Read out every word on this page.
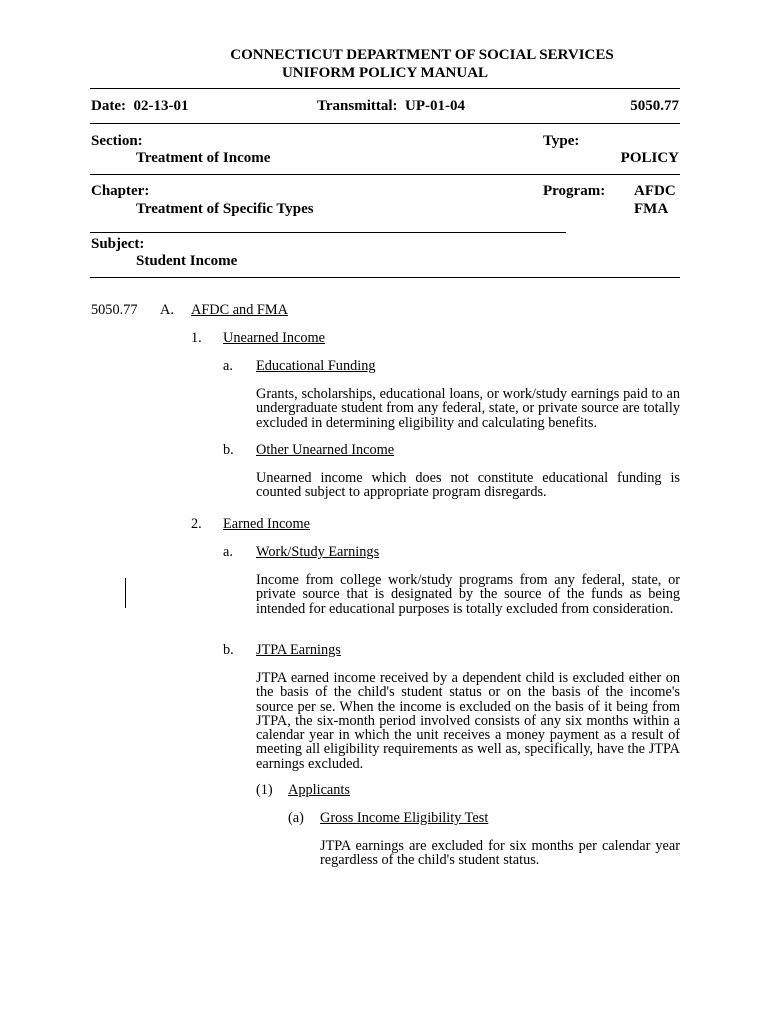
CONNECTICUT DEPARTMENT OF SOCIAL SERVICES
UNIFORM POLICY MANUAL
Date: 02-13-01	Transmittal: UP-01-04	5050.77
Section:
Treatment of Income
Type:
POLICY
Chapter:
Treatment of Specific Types
Program: AFDC
FMA
Subject:
Student Income
5050.77 A. AFDC and FMA
1. Unearned Income
a. Educational Funding
Grants, scholarships, educational loans, or work/study earnings paid to an undergraduate student from any federal, state, or private source are totally excluded in determining eligibility and calculating benefits.
b. Other Unearned Income
Unearned income which does not constitute educational funding is counted subject to appropriate program disregards.
2. Earned Income
a. Work/Study Earnings
Income from college work/study programs from any federal, state, or private source that is designated by the source of the funds as being intended for educational purposes is totally excluded from consideration.
b. JTPA Earnings
JTPA earned income received by a dependent child is excluded either on the basis of the child's student status or on the basis of the income's source per se. When the income is excluded on the basis of it being from JTPA, the six-month period involved consists of any six months within a calendar year in which the unit receives a money payment as a result of meeting all eligibility requirements as well as, specifically, have the JTPA earnings excluded.
(1) Applicants
(a) Gross Income Eligibility Test
JTPA earnings are excluded for six months per calendar year regardless of the child's student status.
